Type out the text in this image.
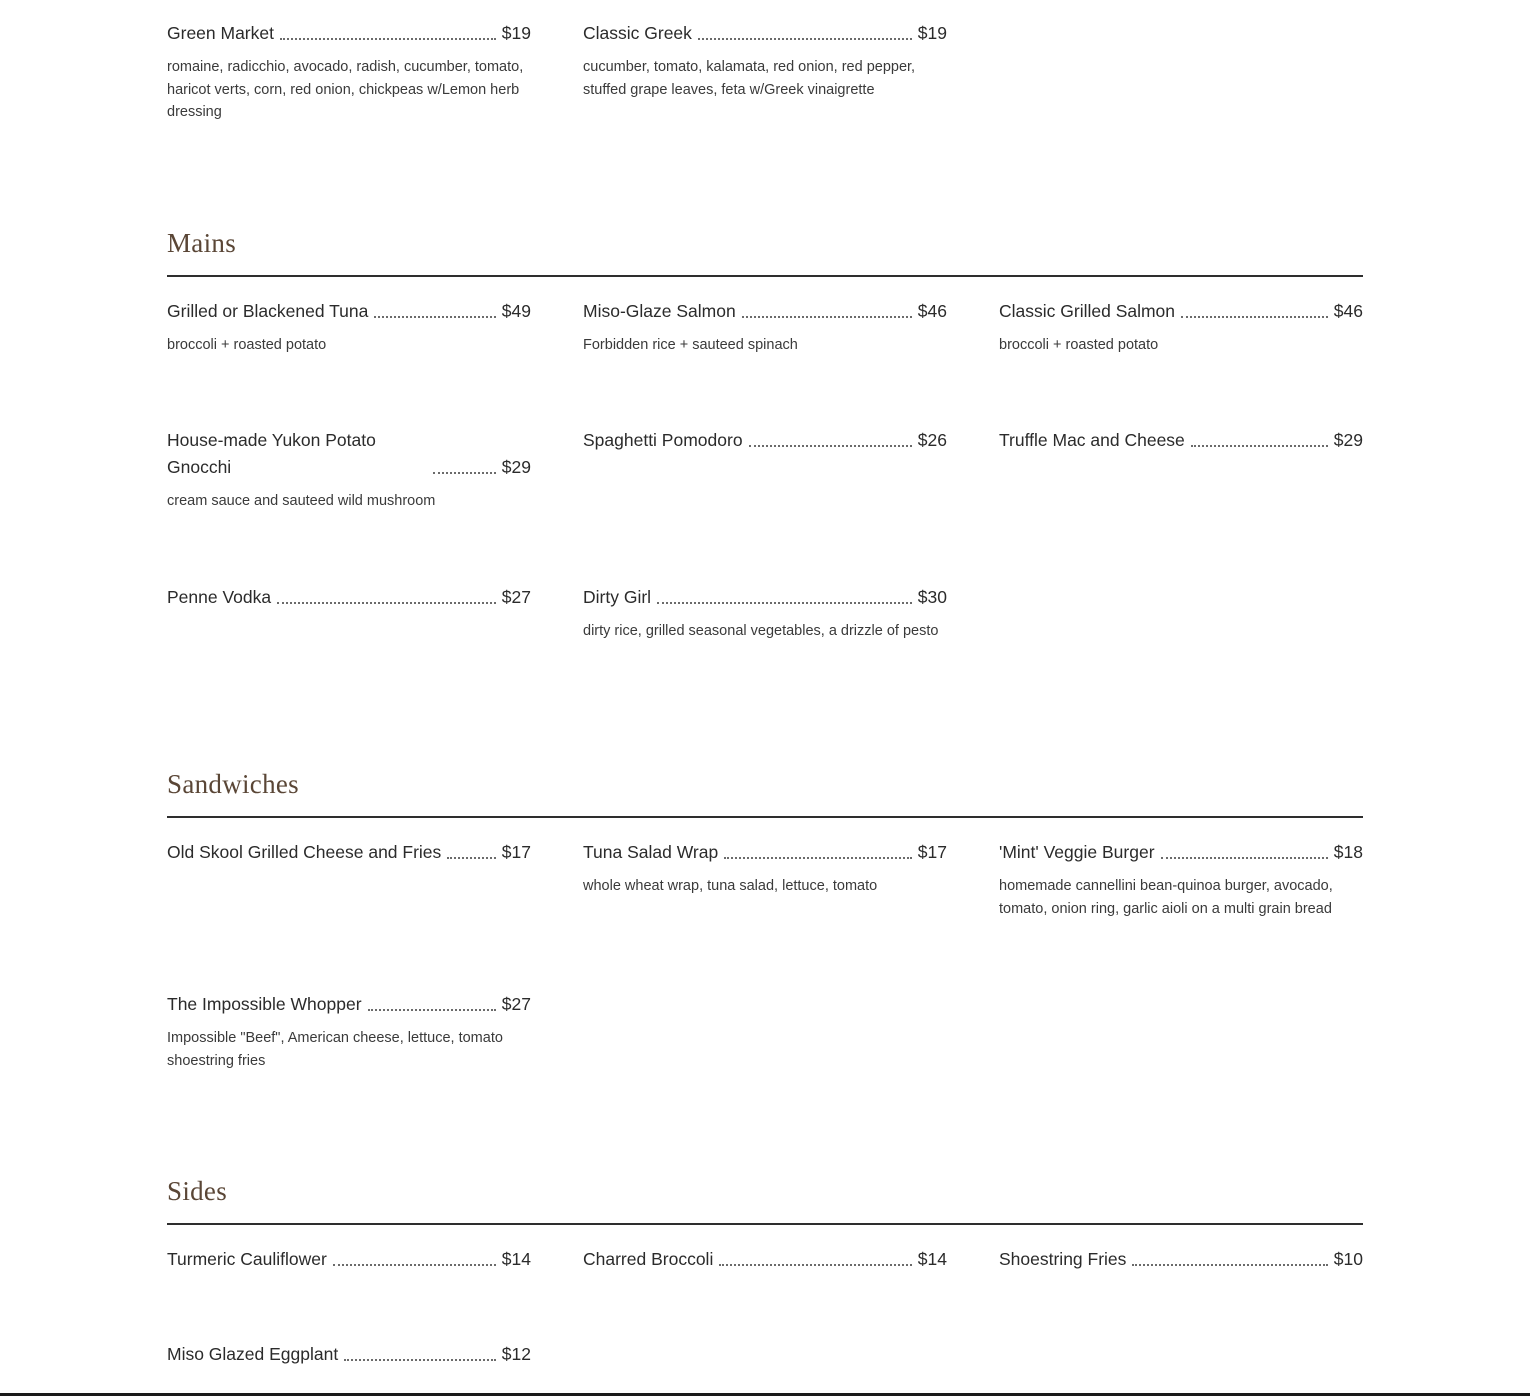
Green Market	$19
romaine, radicchio, avocado, radish, cucumber, tomato, haricot verts, corn, red onion, chickpeas w/Lemon herb dressing
Classic Greek	$19
cucumber, tomato, kalamata, red onion, red pepper, stuffed grape leaves, feta w/Greek vinaigrette
Mains
Grilled or Blackened Tuna	$49
broccoli + roasted potato
Miso-Glaze Salmon	$46
Forbidden rice + sauteed spinach
Classic Grilled Salmon	$46
broccoli + roasted potato
House-made Yukon Potato Gnocchi	$29
cream sauce and sauteed wild mushroom
Spaghetti Pomodoro	$26	Truffle Mac and Cheese	$29
Penne Vodka	$27	Dirty Girl	$30
dirty rice, grilled seasonal vegetables, a drizzle of pesto
Sandwiches
Old Skool Grilled Cheese and Fries	$17	Tuna Salad Wrap	$17
whole wheat wrap, tuna salad, lettuce, tomato
'Mint' Veggie Burger	$18
homemade cannellini bean-quinoa burger, avocado, tomato, onion ring, garlic aioli on a multi grain bread
The Impossible Whopper	$27
Impossible "Beef", American cheese, lettuce, tomato shoestring fries
Sides
Turmeric Cauliflower	$14	Charred Broccoli	$14	Shoestring Fries	$10
Miso Glazed Eggplant	$12
